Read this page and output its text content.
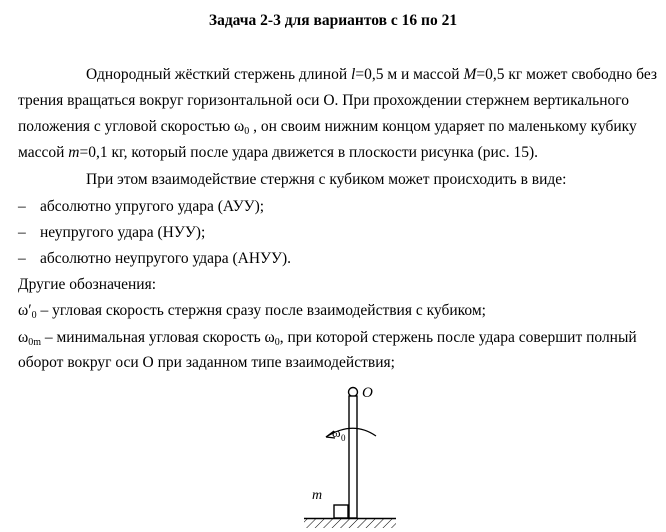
Задача 2-3 для вариантов с 16 по 21
Однородный жёсткий стержень длиной l=0,5 м и массой M=0,5 кг может свободно без
трения вращаться вокруг горизонтальной оси O. При прохождении стержнем вертикального
положения с угловой скоростью $\omega_0$ , он своим нижним концом ударяет по маленькому кубику
массой m=0,1 кг, который после удара движется в плоскости рисунка (рис. 15).
При этом взаимодействие стержня с кубиком может происходить в виде:
– абсолютно упругого удара (АУУ);
– неупругого удара (НУУ);
– абсолютно неупругого удара (АНУУ).
Другие обозначения:
$\omega'_0$ – угловая скорость стержня сразу после взаимодействия с кубиком;
$\omega_{0m}$ – минимальная угловая скорость $\omega_0$, при которой стержень после удара совершит полный
оборот вокруг оси O при заданном типе взаимодействия;
O
ω 0
m
